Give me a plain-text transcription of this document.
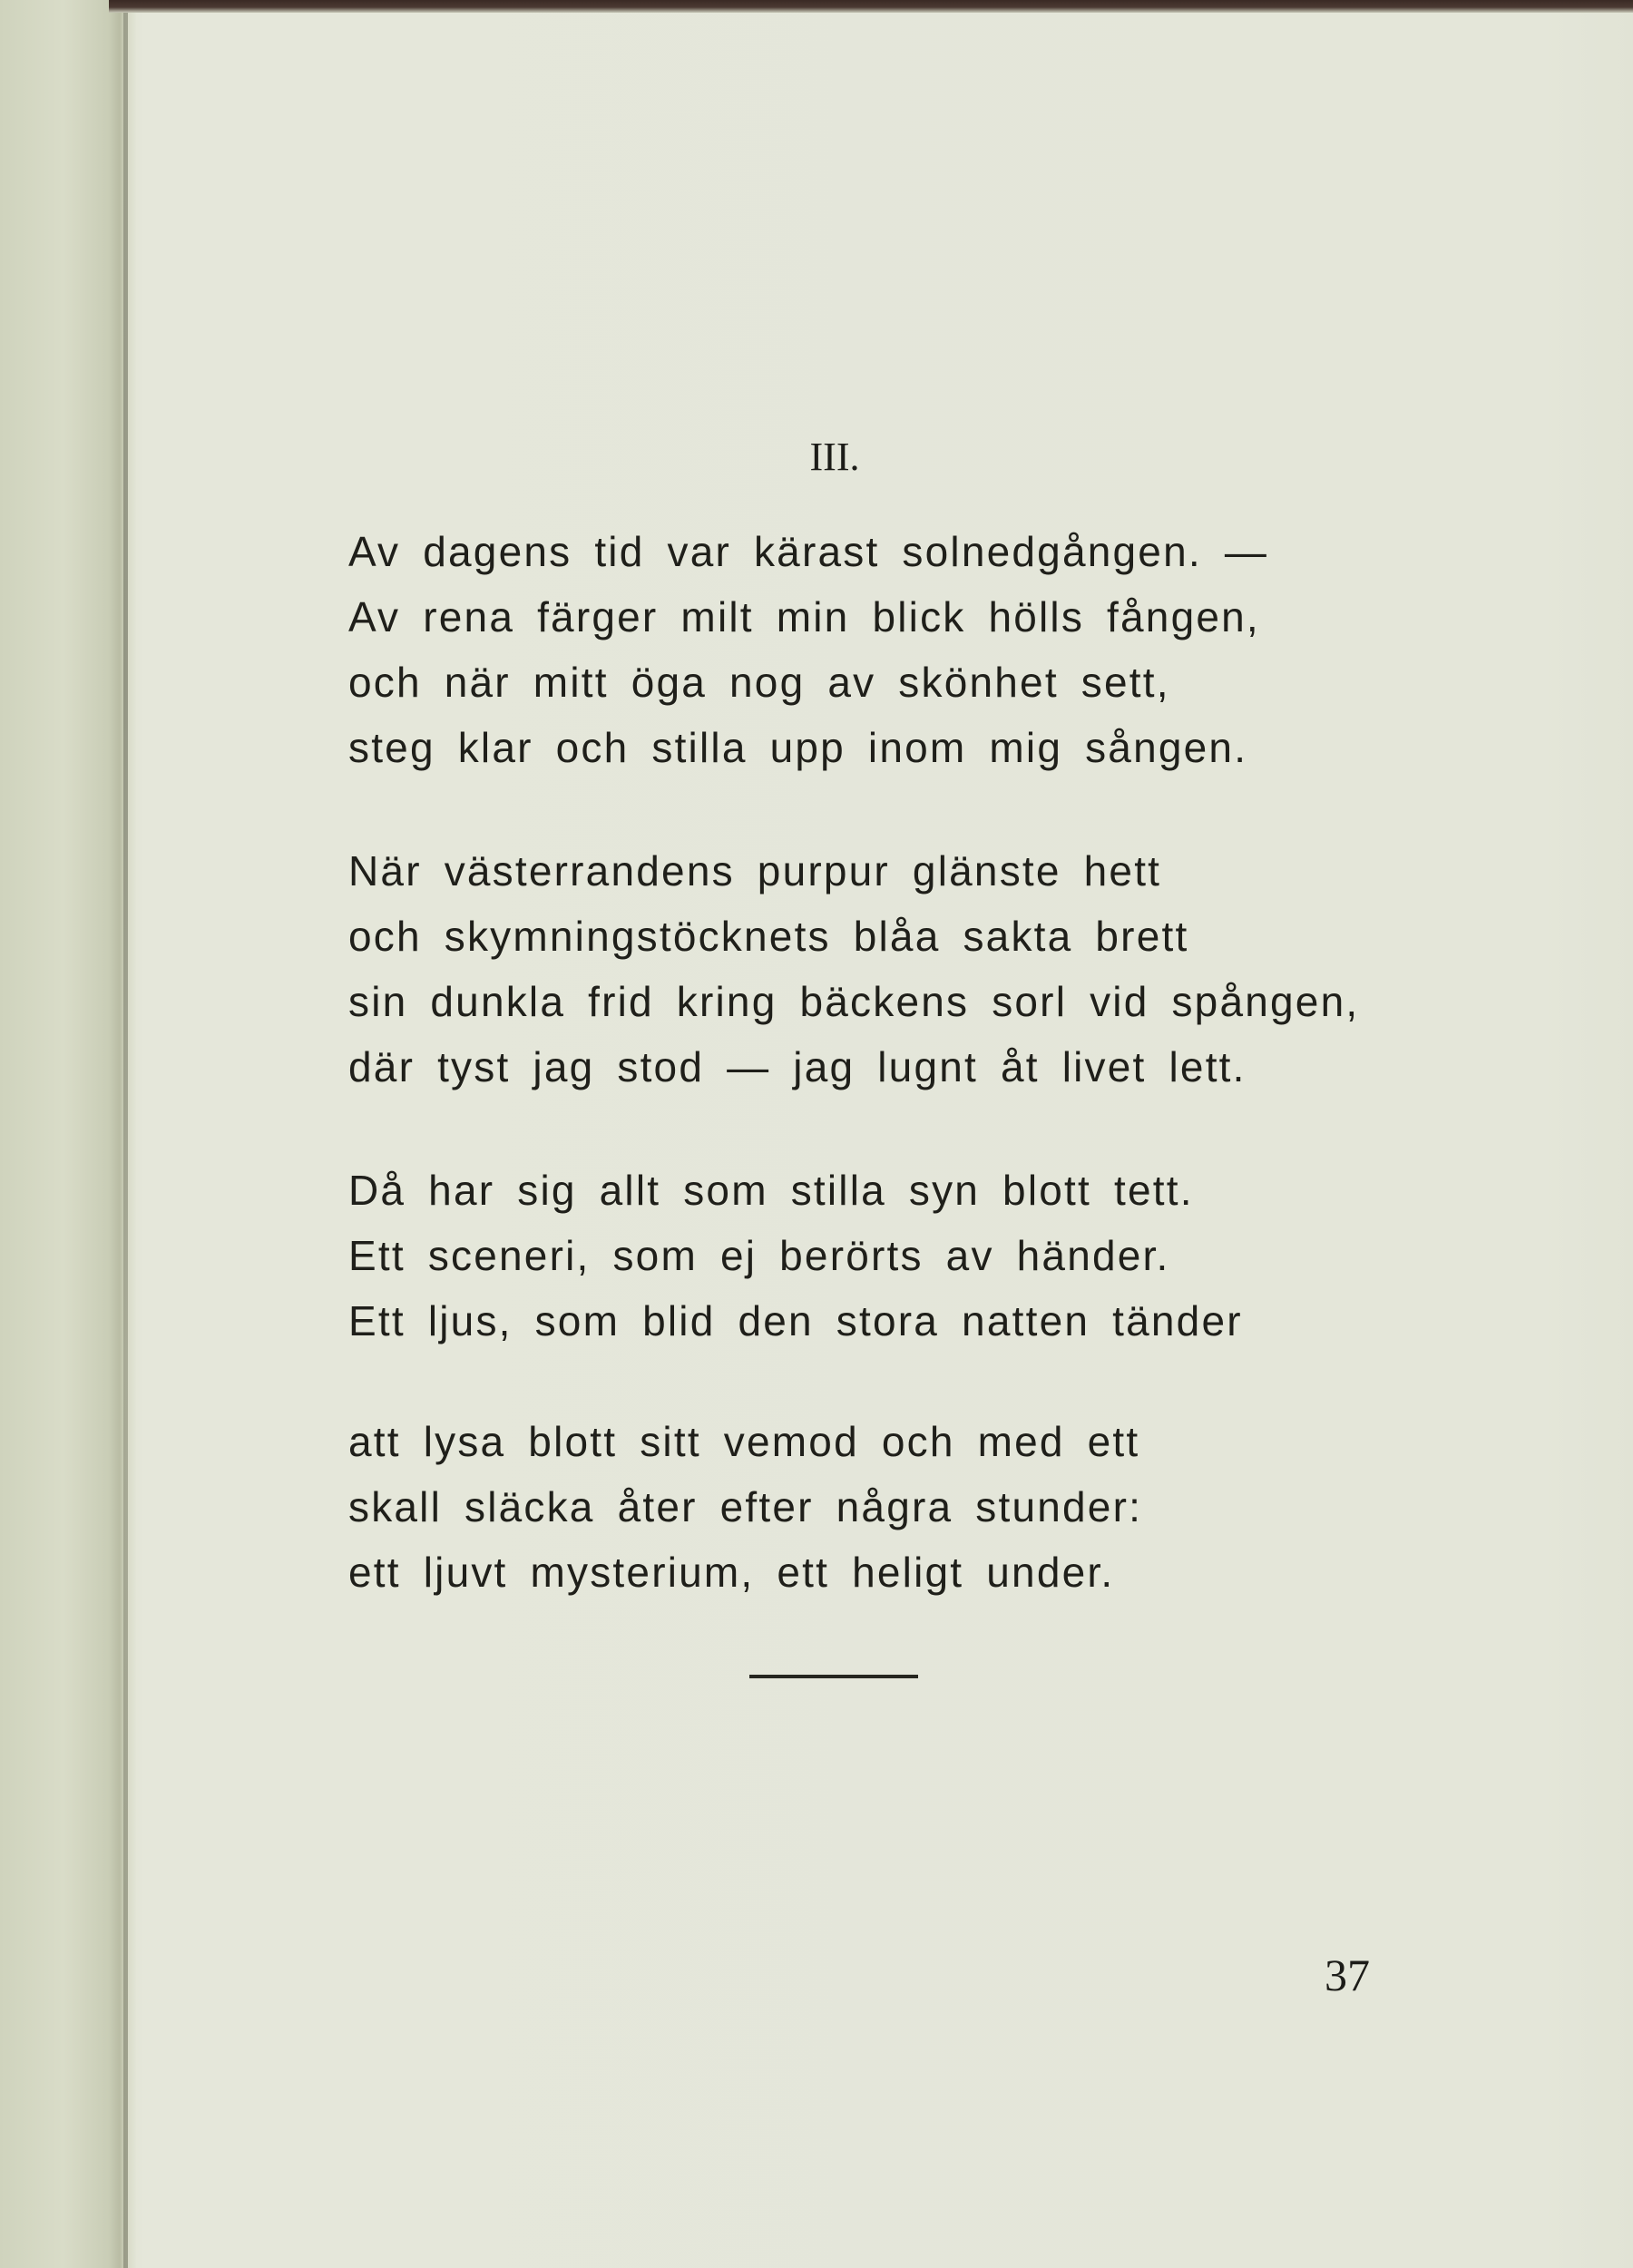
III.
Av dagens tid var kärast solnedgången. —
Av rena färger milt min blick hölls fången,
och när mitt öga nog av skönhet sett,
steg klar och stilla upp inom mig sången.
När västerrandens purpur glänste hett
och skymningstöcknets blåa sakta brett
sin dunkla frid kring bäckens sorl vid spången,
där tyst jag stod — jag lugnt åt livet lett.
Då har sig allt som stilla syn blott tett.
Ett sceneri, som ej berörts av händer.
Ett ljus, som blid den stora natten tänder
att lysa blott sitt vemod och med ett
skall släcka åter efter några stunder:
ett ljuvt mysterium, ett heligt under.
37
